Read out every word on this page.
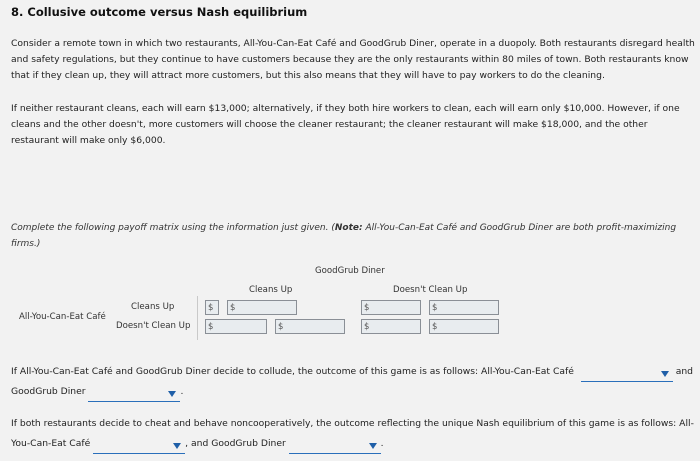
8. Collusive outcome versus Nash equilibrium
Consider a remote town in which two restaurants, All-You-Can-Eat Café and GoodGrub Diner, operate in a duopoly. Both restaurants disregard health and safety regulations, but they continue to have customers because they are the only restaurants within 80 miles of town. Both restaurants know that if they clean up, they will attract more customers, but this also means that they will have to pay workers to do the cleaning.
If neither restaurant cleans, each will earn $13,000; alternatively, if they both hire workers to clean, each will earn only $10,000. However, if one cleans and the other doesn't, more customers will choose the cleaner restaurant; the cleaner restaurant will make $18,000, and the other restaurant will make only $6,000.
Complete the following payoff matrix using the information just given. (Note: All-You-Can-Eat Café and GoodGrub Diner are both profit-maximizing firms.)
GoodGrub Diner
Cleans Up	Doesn't Clean Up
All-You-Can-Eat Café
Cleans Up
Doesn't Clean Up
$	$	$	$
$	$	$	$
If All-You-Can-Eat Café and GoodGrub Diner decide to collude, the outcome of this game is as follows: All-You-Can-Eat Café	and
GoodGrub Diner	.
If both restaurants decide to cheat and behave noncooperatively, the outcome reflecting the unique Nash equilibrium of this game is as follows: All-You-Can-Eat Café	, and GoodGrub Diner	.
